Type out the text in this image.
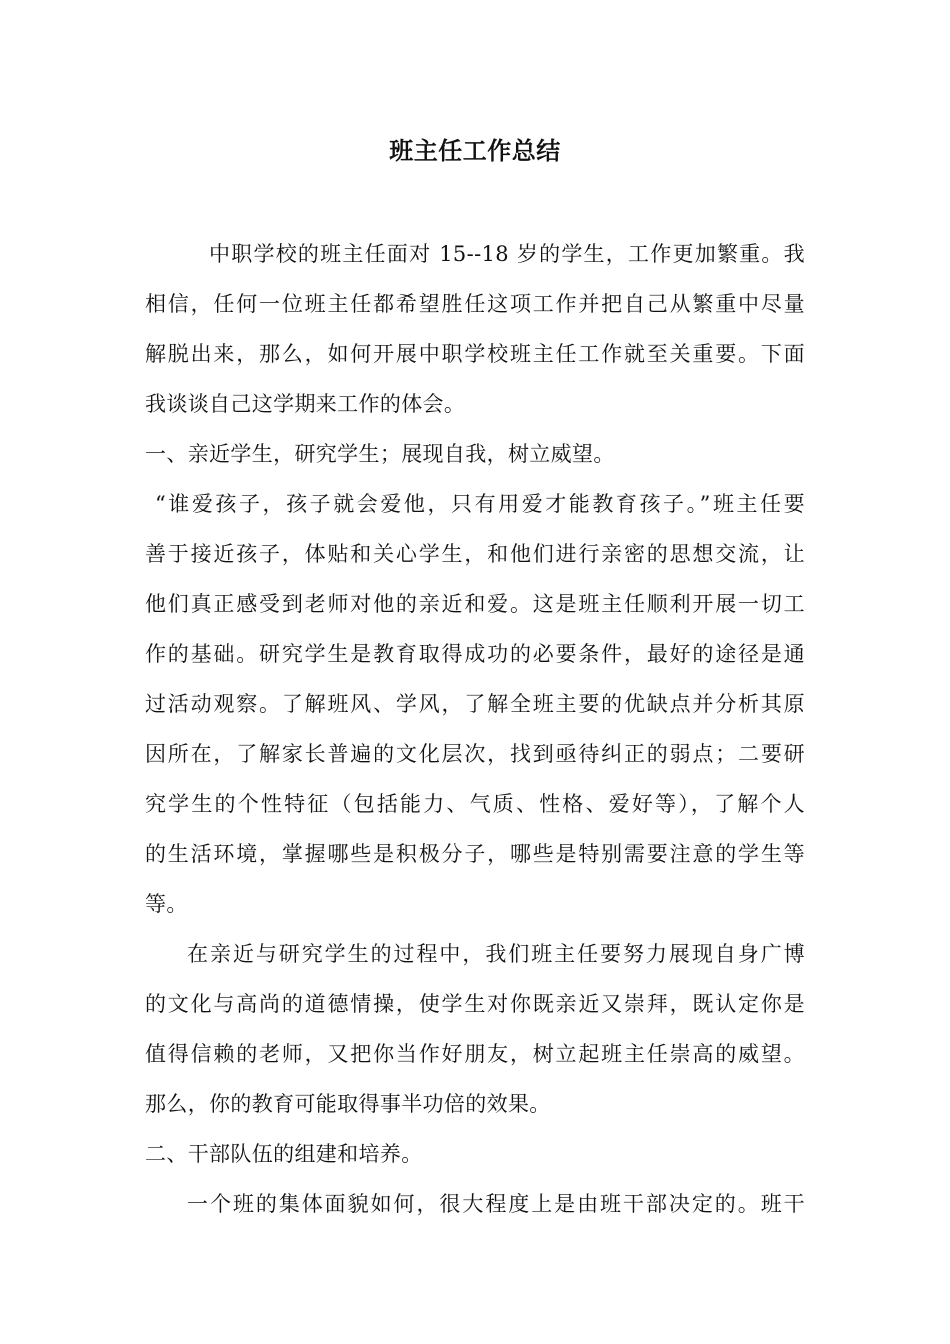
班主任工作总结
中职学校的班主任面对 15--18 岁的学生，工作更加繁重。我
相信，任何一位班主任都希望胜任这项工作并把自己从繁重中尽量
解脱出来，那么，如何开展中职学校班主任工作就至关重要。下面
我谈谈自己这学期来工作的体会。
一、亲近学生，研究学生；展现自我，树立威望。
“谁爱孩子，孩子就会爱他，只有用爱才能教育孩子。”班主任要
善于接近孩子，体贴和关心学生，和他们进行亲密的思想交流，让
他们真正感受到老师对他的亲近和爱。这是班主任顺利开展一切工
作的基础。研究学生是教育取得成功的必要条件，最好的途径是通
过活动观察。了解班风、学风，了解全班主要的优缺点并分析其原
因所在，了解家长普遍的文化层次，找到亟待纠正的弱点；二要研
究学生的个性特征（包括能力、气质、性格、爱好等），了解个人
的生活环境，掌握哪些是积极分子，哪些是特别需要注意的学生等
等。
在亲近与研究学生的过程中，我们班主任要努力展现自身广博
的文化与高尚的道德情操，使学生对你既亲近又崇拜，既认定你是
值得信赖的老师，又把你当作好朋友，树立起班主任崇高的威望。
那么，你的教育可能取得事半功倍的效果。
二、干部队伍的组建和培养。
一个班的集体面貌如何，很大程度上是由班干部决定的。班干
